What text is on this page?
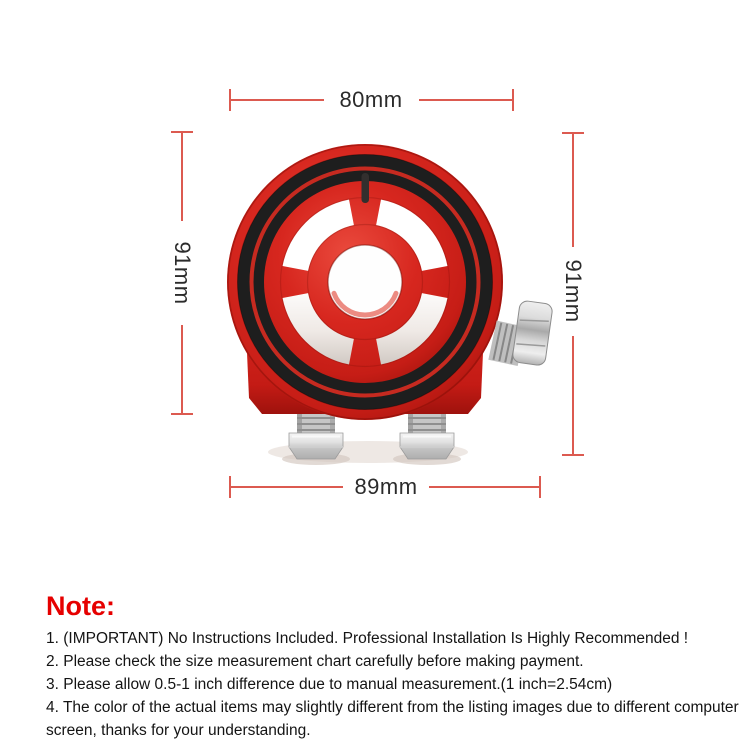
80mm
91mm	91mm
89mm
Note:
1. (IMPORTANT) No Instructions Included. Professional Installation Is Highly Recommended !
2. Please check the size measurement chart carefully before making payment.
3. Please allow 0.5-1 inch difference due to manual measurement.(1 inch=2.54cm)
4. The color of the actual items may slightly different from the listing images due to different computer screen, thanks for your understanding.
